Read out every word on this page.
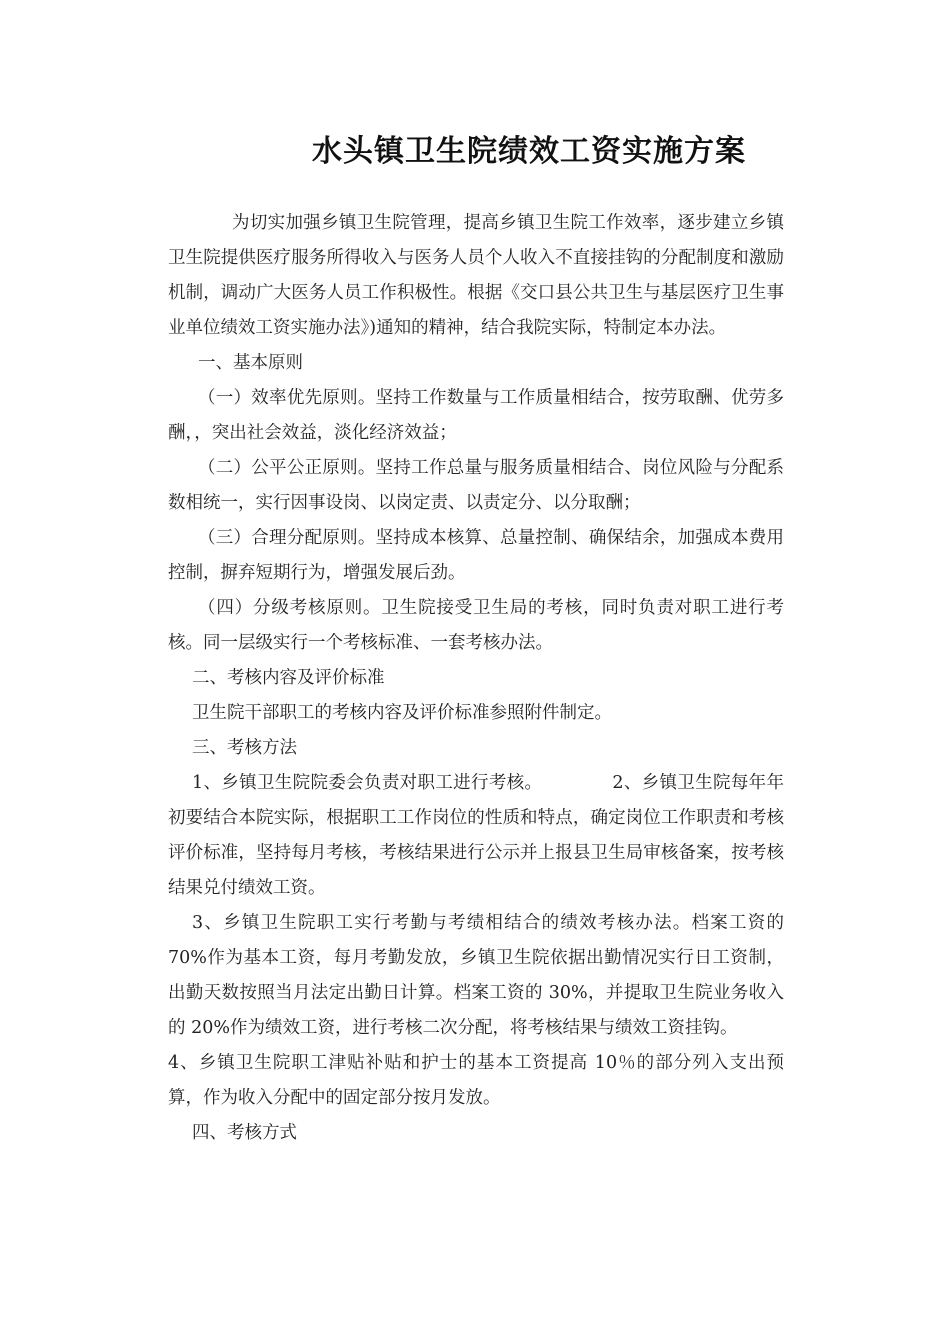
水头镇卫生院绩效工资实施方案

为切实加强乡镇卫生院管理，提高乡镇卫生院工作效率，逐步建立乡镇卫生院提供医疗服务所得收入与医务人员个人收入不直接挂钩的分配制度和激励机制，调动广大医务人员工作积极性。根据《交口县公共卫生与基层医疗卫生事业单位绩效工资实施办法》)通知的精神，结合我院实际，特制定本办法。

一、基本原则

（一）效率优先原则。坚持工作数量与工作质量相结合，按劳取酬、优劳多酬，，突出社会效益，淡化经济效益；

（二）公平公正原则。坚持工作总量与服务质量相结合、岗位风险与分配系数相统一，实行因事设岗、以岗定责、以责定分、以分取酬；

（三）合理分配原则。坚持成本核算、总量控制、确保结余，加强成本费用控制，摒弃短期行为，增强发展后劲。

（四）分级考核原则。卫生院接受卫生局的考核，同时负责对职工进行考核。同一层级实行一个考核标准、一套考核办法。

二、考核内容及评价标准

卫生院干部职工的考核内容及评价标准参照附件制定。

三、考核方法

1、乡镇卫生院院委会负责对职工进行考核。	2、乡镇卫生院每年年初要结合本院实际，根据职工工作岗位的性质和特点，确定岗位工作职责和考核评价标准，坚持每月考核，考核结果进行公示并上报县卫生局审核备案，按考核结果兑付绩效工资。

3、乡镇卫生院职工实行考勤与考绩相结合的绩效考核办法。档案工资的 70%作为基本工资，每月考勤发放，乡镇卫生院依据出勤情况实行日工资制，出勤天数按照当月法定出勤日计算。档案工资的 30%，并提取卫生院业务收入的 20%作为绩效工资，进行考核二次分配，将考核结果与绩效工资挂钩。

4、乡镇卫生院职工津贴补贴和护士的基本工资提高 10％的部分列入支出预算，作为收入分配中的固定部分按月发放。

四、考核方式
